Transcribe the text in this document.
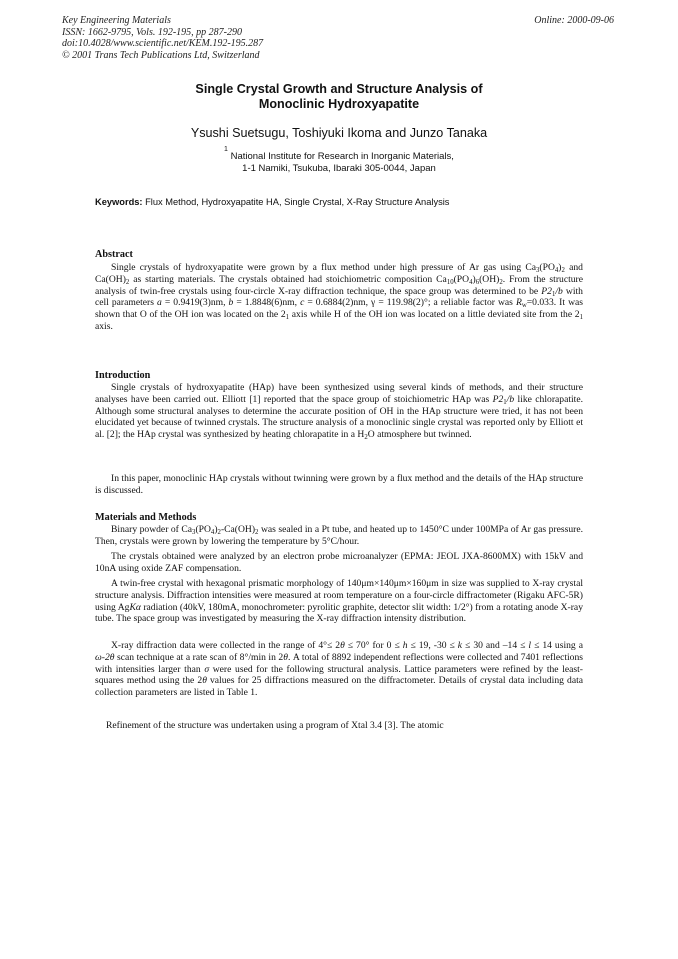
Key Engineering Materials
ISSN: 1662-9795, Vols. 192-195, pp 287-290
doi:10.4028/www.scientific.net/KEM.192-195.287
© 2001 Trans Tech Publications Ltd, Switzerland
Online: 2000-09-06
Single Crystal Growth and Structure Analysis of
Monoclinic Hydroxyapatite
Ysushi Suetsugu, Toshiyuki Ikoma and Junzo Tanaka
$^1$ National Institute for Research in Inorganic Materials,
1-1 Namiki, Tsukuba, Ibaraki 305-0044, Japan
Keywords: Flux Method, Hydroxyapatite HA, Single Crystal, X-Ray Structure Analysis
Abstract
Single crystals of hydroxyapatite were grown by a flux method under high pressure of Ar gas using $Ca_3(PO_4)_2$ and $Ca(OH)_2$ as starting materials. The crystals obtained had stoichiometric composition $Ca_{10}(PO_4)_6(OH)_2$. From the structure analysis of twin-free crystals using four-circle X-ray diffraction technique, the space group was determined to be $P2_1/b$ with cell parameters a = 0.9419(3)nm, b = 1.8848(6)nm, c = 0.6884(2)nm, γ = 119.98(2)°; a reliable factor was $R_w=0.033$. It was shown that O of the OH ion was located on the $2_1$ axis while H of the OH ion was located on a little deviated site from the $2_1$ axis.
Introduction
Single crystals of hydroxyapatite (HAp) have been synthesized using several kinds of methods, and their structure analyses have been carried out. Elliott [1] reported that the space group of stoichiometric HAp was $P2_1/b$ like chlorapatite. Although some structural analyses to determine the accurate position of OH in the HAp structure were tried, it has not been elucidated yet because of twinned crystals. The structure analysis of a monoclinic single crystal was reported only by Elliott et al. [2]; the HAp crystal was synthesized by heating chlorapatite in a $H_2O$ atmosphere but twinned.
In this paper, monoclinic HAp crystals without twinning were grown by a flux method and the details of the HAp structure is discussed.
Materials and Methods
Binary powder of $Ca_3(PO_4)_2-Ca(OH)_2$ was sealed in a Pt tube, and heated up to 1450°C under 100MPa of Ar gas pressure. Then, crystals were grown by lowering the temperature by 5°C/hour.
The crystals obtained were analyzed by an electron probe microanalyzer (EPMA: JEOL JXA-8600MX) with 15kV and 10nA using oxide ZAF compensation.
A twin-free crystal with hexagonal prismatic morphology of 140μm×140μm×160μm in size was supplied to X-ray crystal structure analysis. Diffraction intensities were measured at room temperature on a four-circle diffractometer (Rigaku AFC-5R) using AgKα radiation (40kV, 180mA, monochrometer: pyrolitic graphite, detector slit width: 1/2°) from a rotating anode X-ray tube. The space group was investigated by measuring the X-ray diffraction intensity distribution.
X-ray diffraction data were collected in the range of 4°≤ 2θ ≤ 70° for 0 ≤ h ≤ 19, -30 ≤ k ≤ 30 and –14 ≤ l ≤ 14 using a ω-2θ scan technique at a rate scan of 8°/min in 2θ. A total of 8892 independent reflections were collected and 7401 reflections with intensities larger than σ were used for the following structural analysis. Lattice parameters were refined by the least-squares method using the 2θ values for 25 diffractions measured on the diffractometer. Details of crystal data including data collection parameters are listed in Table 1.
Refinement of the structure was undertaken using a program of Xtal 3.4 [3]. The atomic
